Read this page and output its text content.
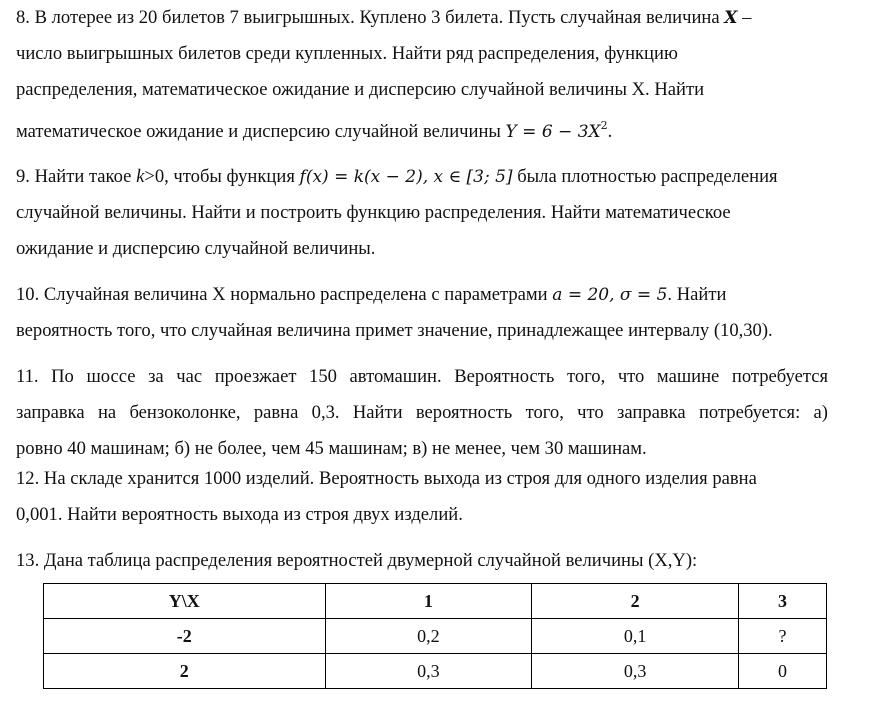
8. В лотерее из 20 билетов 7 выигрышных. Куплено 3 билета. Пусть случайная величина X –
число выигрышных билетов среди купленных. Найти ряд распределения, функцию
распределения, математическое ожидание и дисперсию случайной величины X. Найти
математическое ожидание и дисперсию случайной величины $Y = 6 - 3X^2$.
9. Найти такое k>0, чтобы функция f(x) = k(x − 2), x ∈ [3; 5] была плотностью распределения
случайной величины. Найти и построить функцию распределения. Найти математическое
ожидание и дисперсию случайной величины.
10. Случайная величина X нормально распределена с параметрами a = 20, σ = 5. Найти
вероятность того, что случайная величина примет значение, принадлежащее интервалу (10,30).
11. По шоссе за час проезжает 150 автомашин. Вероятность того, что машине потребуется
заправка на бензоколонке, равна 0,3. Найти вероятность того, что заправка потребуется: а)
ровно 40 машинам; б) не более, чем 45 машинам; в) не менее, чем 30 машинам.
12. На складе хранится 1000 изделий. Вероятность выхода из строя для одного изделия равна
0,001. Найти вероятность выхода из строя двух изделий.
13. Дана таблица распределения вероятностей двумерной случайной величины (X,Y):
Y\X	1	2	3
-2	0,2	0,1	?
2	0,3	0,3	0
